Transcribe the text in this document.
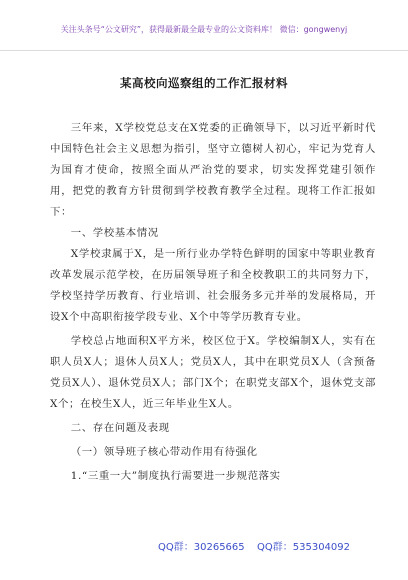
关注头条号“公文研究”，获得最新最全最专业的公文资料库！ 微信：gongwenyj
某高校向巡察组的工作汇报材料

三年来，X学校党总支在X党委的正确领导下，以习近平新时代中国特色社会主义思想为指引，坚守立德树人初心，牢记为党育人为国育才使命，按照全面从严治党的要求，切实发挥党建引领作用，把党的教育方针贯彻到学校教育教学全过程。现将工作汇报如下：

一、学校基本情况

X学校隶属于X，是一所行业办学特色鲜明的国家中等职业教育改革发展示范学校，在历届领导班子和全校教职工的共同努力下，学校坚持学历教育、行业培训、社会服务多元并举的发展格局，开设X个中高职衔接学段专业、X个中等学历教育专业。

学校总占地面积X平方米，校区位于X。学校编制X人，实有在职人员X人；退休人员X人；党员X人，其中在职党员X人（含预备党员X人）、退休党员X人；部门X个；在职党支部X个，退休党支部X个；在校生X人，近三年毕业生X人。

二、存在问题及表现

（一）领导班子核心带动作用有待强化

1.“三重一大”制度执行需要进一步规范落实

QQ群：30265665 QQ群：535304092
